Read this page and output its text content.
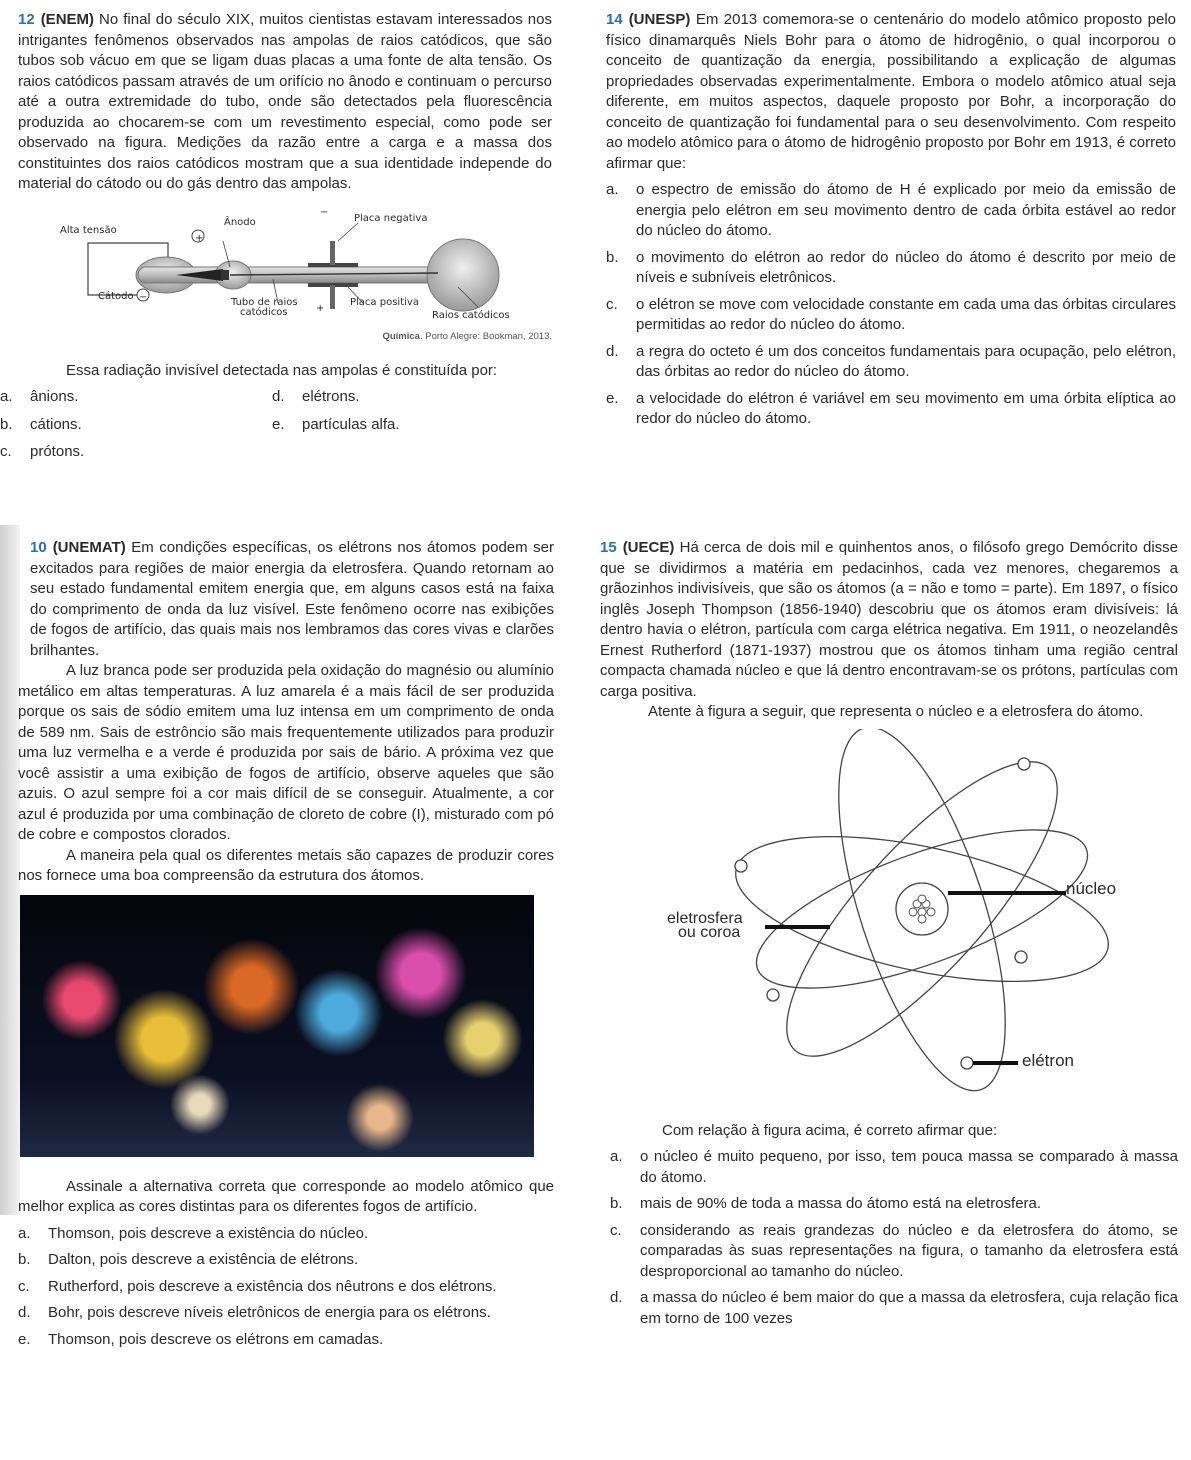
12 (ENEM) No final do século XIX, muitos cientistas estavam interessados nos intrigantes fenômenos observados nas ampolas de raios catódicos, que são tubos sob vácuo em que se ligam duas placas a uma fonte de alta tensão. Os raios catódicos passam através de um orifício no ânodo e continuam o percurso até a outra extremidade do tubo, onde são detectados pela fluorescência produzida ao chocarem-se com um revestimento especial, como pode ser observado na figura. Medições da razão entre a carga e a massa dos constituintes dos raios catódicos mostram que a sua identidade independe do material do cátodo ou do gás dentro das ampolas.

Alta tensão
Ânodo	Placa negativa
Cátodo
Tubo de raios
catódicos
Placa positiva
Raios catódicos
+
−
−
+
Química. Porto Alegre: Bookman, 2013.

Essa radiação invisível detectada nas ampolas é constituída por:

a.	ânions.	d.	elétrons.
b.	cátions.	e.	partículas alfa.
c.	prótons.

10 (UNEMAT) Em condições específicas, os elétrons nos átomos podem ser excitados para regiões de maior energia da eletrosfera. Quando retornam ao seu estado fundamental emitem energia que, em alguns casos está na faixa do comprimento de onda da luz visível. Este fenômeno ocorre nas exibições de fogos de artifício, das quais mais nos lembramos das cores vivas e clarões brilhantes.

A luz branca pode ser produzida pela oxidação do magnésio ou alumínio metálico em altas temperaturas. A luz amarela é a mais fácil de ser produzida porque os sais de sódio emitem uma luz intensa em um comprimento de onda de 589 nm. Sais de estrôncio são mais frequentemente utilizados para produzir uma luz vermelha e a verde é produzida por sais de bário. A próxima vez que você assistir a uma exibição de fogos de artifício, observe aqueles que são azuis. O azul sempre foi a cor mais difícil de se conseguir. Atualmente, a cor azul é produzida por uma combinação de cloreto de cobre (I), misturado com pó de cobre e compostos clorados.

A maneira pela qual os diferentes metais são capazes de produzir cores nos fornece uma boa compreensão da estrutura dos átomos.

Assinale a alternativa correta que corresponde ao modelo atômico que melhor explica as cores distintas para os diferentes fogos de artifício.

a.	Thomson, pois descreve a existência do núcleo.
b.	Dalton, pois descreve a existência de elétrons.
c.	Rutherford, pois descreve a existência dos nêutrons e dos elétrons.
d.	Bohr, pois descreve níveis eletrônicos de energia para os elétrons.
e.	Thomson, pois descreve os elétrons em camadas.

14 (UNESP) Em 2013 comemora-se o centenário do modelo atômico proposto pelo físico dinamarquês Niels Bohr para o átomo de hidrogênio, o qual incorporou o conceito de quantização da energia, possibilitando a explicação de algumas propriedades observadas experimentalmente. Embora o modelo atômico atual seja diferente, em muitos aspectos, daquele proposto por Bohr, a incorporação do conceito de quantização foi fundamental para o seu desenvolvimento. Com respeito ao modelo atômico para o átomo de hidrogênio proposto por Bohr em 1913, é correto afirmar que:

a.	o espectro de emissão do átomo de H é explicado por meio da emissão de energia pelo elétron em seu movimento dentro de cada órbita estável ao redor do núcleo do átomo.
b.	o movimento do elétron ao redor do núcleo do átomo é descrito por meio de níveis e subníveis eletrônicos.
c.	o elétron se move com velocidade constante em cada uma das órbitas circulares permitidas ao redor do núcleo do átomo.
d.	a regra do octeto é um dos conceitos fundamentais para ocupação, pelo elétron, das órbitas ao redor do núcleo do átomo.
e.	a velocidade do elétron é variável em seu movimento em uma órbita elíptica ao redor do núcleo do átomo.

15 (UECE) Há cerca de dois mil e quinhentos anos, o filósofo grego Demócrito disse que se dividirmos a matéria em pedacinhos, cada vez menores, chegaremos a grãozinhos indivisíveis, que são os átomos (a = não e tomo = parte). Em 1897, o físico inglês Joseph Thompson (1856-1940) descobriu que os átomos eram divisíveis: lá dentro havia o elétron, partícula com carga elétrica negativa. Em 1911, o neozelandês Ernest Rutherford (1871-1937) mostrou que os átomos tinham uma região central compacta chamada núcleo e que lá dentro encontravam-se os prótons, partículas com carga positiva.

Atente à figura a seguir, que representa o núcleo e a eletrosfera do átomo.

núcleo
eletrosfera
ou coroa
elétron

Com relação à figura acima, é correto afirmar que:

a.	o núcleo é muito pequeno, por isso, tem pouca massa se comparado à massa do átomo.
b.	mais de 90% de toda a massa do átomo está na eletrosfera.
c.	considerando as reais grandezas do núcleo e da eletrosfera do átomo, se comparadas às suas representações na figura, o tamanho da eletrosfera está desproporcional ao tamanho do núcleo.
d.	a massa do núcleo é bem maior do que a massa da eletrosfera, cuja relação fica em torno de 100 vezes
